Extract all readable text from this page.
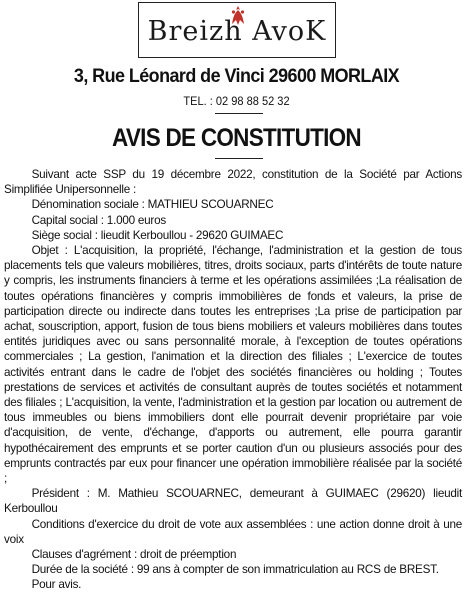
Breizh AvoK
3, Rue Léonard de Vinci 29600 MORLAIX
TEL. : 02 98 88 52 32
AVIS DE CONSTITUTION

Suivant acte SSP du 19 décembre 2022, constitution de la Société par Actions Simplifiée Unipersonnelle :

Dénomination sociale : MATHIEU SCOUARNEC

Capital social : 1.000 euros

Siège social : lieudit Kerboullou - 29620 GUIMAEC

Objet : L'acquisition, la propriété, l'échange, l'administration et la gestion de tous placements tels que valeurs mobilières, titres, droits sociaux, parts d'intérêts de toute nature y compris, les instruments financiers à terme et les opérations assimilées ;La réalisation de toutes opérations financières y compris immobilières de fonds et valeurs, la prise de participation directe ou indirecte dans toutes les entreprises ;La prise de participation par achat, souscription, apport, fusion de tous biens mobiliers et valeurs mobilières dans toutes entités juridiques avec ou sans personnalité morale, à l'exception de toutes opérations commerciales ; La gestion, l'animation et la direction des filiales ; L'exercice de toutes activités entrant dans le cadre de l'objet des sociétés financières ou holding ; Toutes prestations de services et activités de consultant auprès de toutes sociétés et notamment des filiales ; L'acquisition, la vente, l'administration et la gestion par location ou autrement de tous immeubles ou biens immobiliers dont elle pourrait devenir propriétaire par voie d'acquisition, de vente, d'échange, d'apports ou autrement, elle pourra garantir hypothécairement des emprunts et se porter caution d'un ou plusieurs associés pour des emprunts contractés par eux pour financer une opération immobilière réalisée par la société ;

Président : M. Mathieu SCOUARNEC, demeurant à GUIMAEC (29620) lieudit Kerboullou

Conditions d'exercice du droit de vote aux assemblées : une action donne droit à une voix

Clauses d'agrément : droit de préemption

Durée de la société : 99 ans à compter de son immatriculation au RCS de BREST.

Pour avis.
